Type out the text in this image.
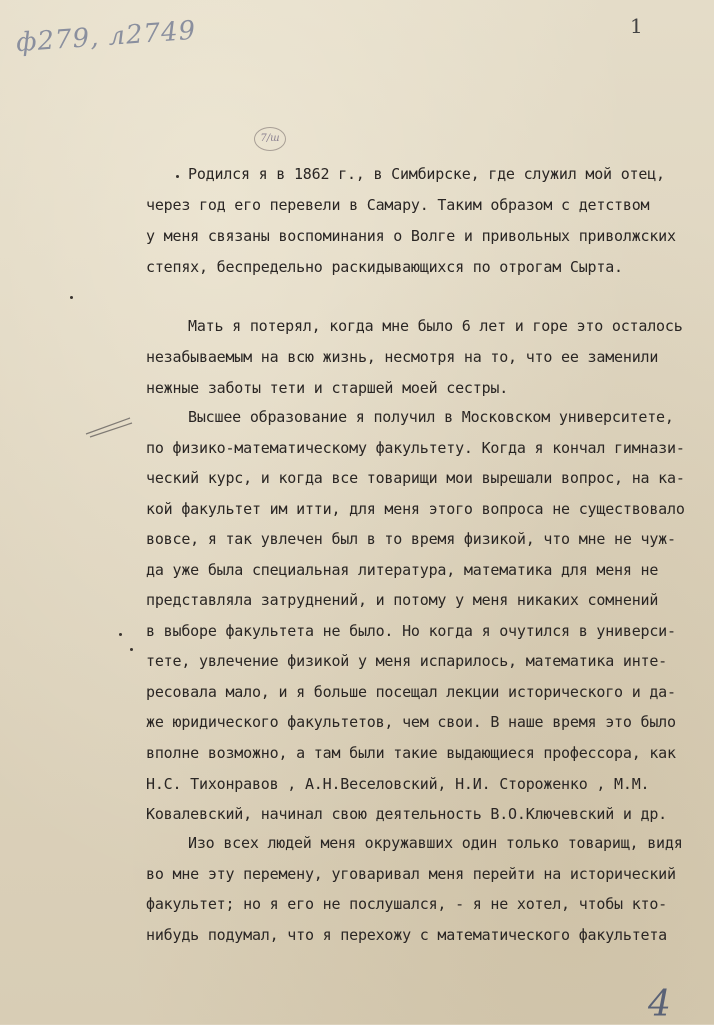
ф279, л2749	1
7/ш
Родился я в 1862 г., в Симбирске, где служил мой отец,
через год его перевели в Самару. Таким образом с детством
у меня связаны воспоминания о Волге и привольных приволжских
степях, беспредельно раскидывающихся по отрогам Сырта.
Мать я потерял, когда мне было 6 лет и горе это осталось
незабываемым на всю жизнь, несмотря на то, что ее заменили
нежные заботы тети и старшей моей сестры.
Высшее образование я получил в Московском университете,
по физико-математическому факультету. Когда я кончал гимнази-
ческий курс, и когда все товарищи мои вырешали вопрос, на ка-
кой факультет им итти, для меня этого вопроса не существовало
вовсе, я так увлечен был в то время физикой, что мне не чуж-
да уже была специальная литература, математика для меня не
представляла затруднений, и потому у меня никаких сомнений
в выборе факультета не было. Но когда я очутился в универси-
тете, увлечение физикой у меня испарилось, математика инте-
ресовала мало, и я больше посещал лекции исторического и да-
же юридического факультетов, чем свои. В наше время это было
вполне возможно, а там были такие выдающиеся профессора, как
Н.С. Тихонравов , А.Н.Веселовский, Н.И. Стороженко , М.М.
Ковалевский, начинал свою деятельность В.О.Ключевский и др.
Изо всех людей меня окружавших один только товарищ, видя
во мне эту перемену, уговаривал меня перейти на исторический
факультет; но я его не послушался, - я не хотел, чтобы кто-
нибудь подумал, что я перехожу с математического факультета
4
